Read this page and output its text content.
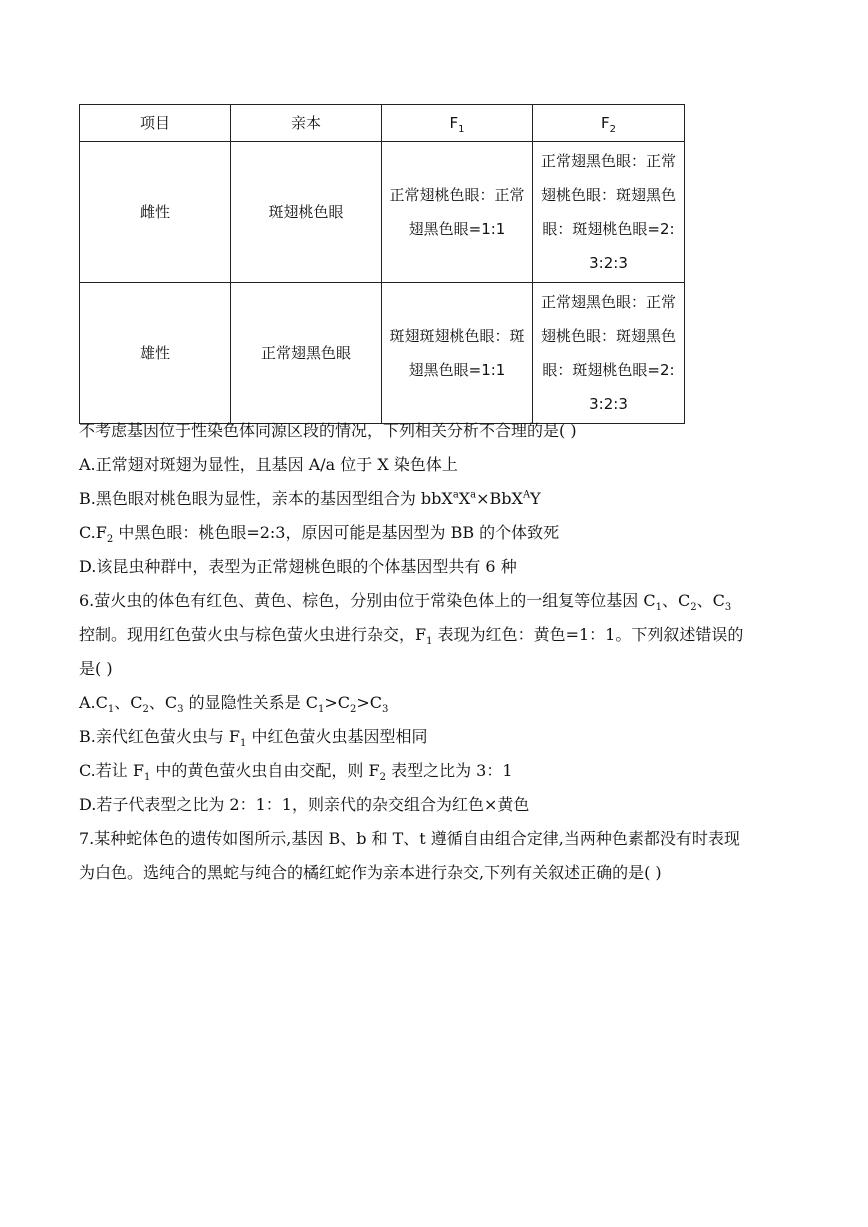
项目	亲本	$F_1$	$F_2$
雌性	斑翅桃色眼	正常翅桃色眼：正常翅黑色眼=1:1	正常翅黑色眼：正常翅桃色眼：斑翅黑色眼：斑翅桃色眼=2:3:2:3
雄性	正常翅黑色眼	斑翅斑翅桃色眼：斑翅黑色眼=1:1	正常翅黑色眼：正常翅桃色眼：斑翅黑色眼：斑翅桃色眼=2:3:2:3

不考虑基因位于性染色体同源区段的情况，下列相关分析不合理的是( )

A.正常翅对斑翅为显性，且基因 A/a 位于 X 染色体上

B.黑色眼对桃色眼为显性，亲本的基因型组合为 $bbX^aX^a\times BbX^AY$

$C.F_2$ 中黑色眼：桃色眼=2:3，原因可能是基因型为 BB 的个体致死

D.该昆虫种群中，表型为正常翅桃色眼的个体基因型共有 6 种

6.萤火虫的体色有红色、黄色、棕色，分别由位于常染色体上的一组复等位基因 $C_1$、$C_2$、$C_3$

控制。现用红色萤火虫与棕色萤火虫进行杂交，$F_1$ 表现为红色：黄色=1：1。下列叙述错误的

是( )

$A.C_1$、$C_2$、$C_3$ 的显隐性关系是 $C_1>C_2>C_3$

B.亲代红色萤火虫与 $F_1$ 中红色萤火虫基因型相同

C.若让 $F_1$ 中的黄色萤火虫自由交配，则 $F_2$ 表型之比为 3：1

D.若子代表型之比为 2：1：1，则亲代的杂交组合为红色×黄色

7.某种蛇体色的遗传如图所示,基因 B、b 和 T、t 遵循自由组合定律,当两种色素都没有时表现

为白色。选纯合的黑蛇与纯合的橘红蛇作为亲本进行杂交,下列有关叙述正确的是( )
